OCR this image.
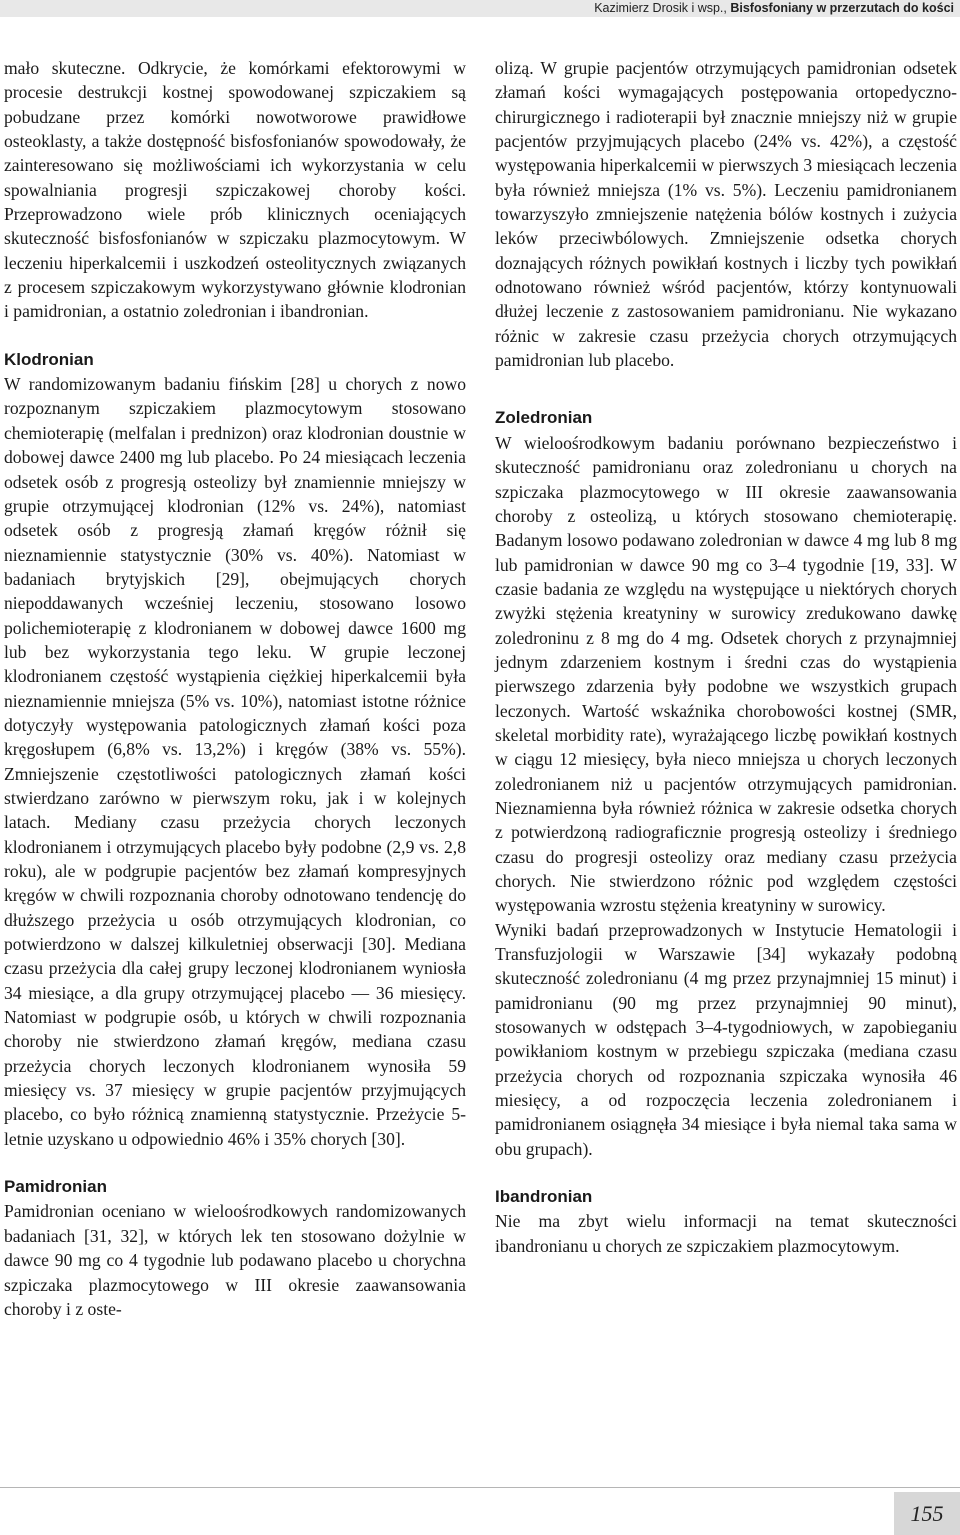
Kazimierz Drosik i wsp., Bisfosfoniany w przerzutach do kości

mało skuteczne. Odkrycie, że komórkami efektorowymi w procesie destrukcji kostnej spowodowanej szpiczakiem są pobudzane przez komórki nowotworowe prawidłowe osteoklasty, a także dostępność bisfosfonianów spowodowały, że zainteresowano się możliwościami ich wykorzystania w celu spowalniania progresji szpiczakowej choroby kości. Przeprowadzono wiele prób klinicznych oceniających skuteczność bisfosfonianów w szpiczaku plazmocytowym. W leczeniu hiperkalcemii i uszkodzeń osteolitycznych związanych z procesem szpiczakowym wykorzystywano głównie klodronian i pamidronian, a ostatnio zoledronian i ibandronian.

Klodronian

W randomizowanym badaniu fińskim [28] u chorych z nowo rozpoznanym szpiczakiem plazmocytowym stosowano chemioterapię (melfalan i prednizon) oraz klodronian doustnie w dobowej dawce 2400 mg lub placebo. Po 24 miesiącach leczenia odsetek osób z progresją osteolizy był znamiennie mniejszy w grupie otrzymującej klodronian (12% vs. 24%), natomiast odsetek osób z progresją złamań kręgów różnił się nieznamiennie statystycznie (30% vs. 40%). Natomiast w badaniach brytyjskich [29], obejmujących chorych niepoddawanych wcześniej leczeniu, stosowano losowo polichemioterapię z klodronianem w dobowej dawce 1600 mg lub bez wykorzystania tego leku. W grupie leczonej klodronianem częstość wystąpienia ciężkiej hiperkalcemii była nieznamiennie mniejsza (5% vs. 10%), natomiast istotne różnice dotyczyły występowania patologicznych złamań kości poza kręgosłupem (6,8% vs. 13,2%) i kręgów (38% vs. 55%). Zmniejszenie częstotliwości patologicznych złamań kości stwierdzano zarówno w pierwszym roku, jak i w kolejnych latach. Mediany czasu przeżycia chorych leczonych klodronianem i otrzymujących placebo były podobne (2,9 vs. 2,8 roku), ale w podgrupie pacjentów bez złamań kompresyjnych kręgów w chwili rozpoznania choroby odnotowano tendencję do dłuższego przeżycia u osób otrzymujących klodronian, co potwierdzono w dalszej kilkuletniej obserwacji [30]. Mediana czasu przeżycia dla całej grupy leczonej klodronianem wyniosła 34 miesiące, a dla grupy otrzymującej placebo — 36 miesięcy. Natomiast w podgrupie osób, u których w chwili rozpoznania choroby nie stwierdzono złamań kręgów, mediana czasu przeżycia chorych leczonych klodronianem wynosiła 59 miesięcy vs. 37 miesięcy w grupie pacjentów przyjmujących placebo, co było różnicą znamienną statystycznie. Przeżycie 5-letnie uzyskano u odpowiednio 46% i 35% chorych [30].

Pamidronian

Pamidronian oceniano w wieloośrodkowych randomizowanych badaniach [31, 32], w których lek ten stosowano dożylnie w dawce 90 mg co 4 tygodnie lub podawano placebo u chorychna szpiczaka plazmocytowego w III okresie zaawansowania choroby i z oste-

olizą. W grupie pacjentów otrzymujących pamidronian odsetek złamań kości wymagających postępowania ortopedyczno-chirurgicznego i radioterapii był znacznie mniejszy niż w grupie pacjentów przyjmujących placebo (24% vs. 42%), a częstość występowania hiperkalcemii w pierwszych 3 miesiącach leczenia była również mniejsza (1% vs. 5%). Leczeniu pamidronianem towarzyszyło zmniejszenie natężenia bólów kostnych i zużycia leków przeciwbólowych. Zmniejszenie odsetka chorych doznających różnych powikłań kostnych i liczby tych powikłań odnotowano również wśród pacjentów, którzy kontynuowali dłużej leczenie z zastosowaniem pamidronianu. Nie wykazano różnic w zakresie czasu przeżycia chorych otrzymujących pamidronian lub placebo.

Zoledronian

W wieloośrodkowym badaniu porównano bezpieczeństwo i skuteczność pamidronianu oraz zoledronianu u chorych na szpiczaka plazmocytowego w III okresie zaawansowania choroby z osteolizą, u których stosowano chemioterapię. Badanym losowo podawano zoledronian w dawce 4 mg lub 8 mg lub pamidronian w dawce 90 mg co 3–4 tygodnie [19, 33]. W czasie badania ze względu na występujące u niektórych chorych zwyżki stężenia kreatyniny w surowicy zredukowano dawkę zoledroninu z 8 mg do 4 mg. Odsetek chorych z przynajmniej jednym zdarzeniem kostnym i średni czas do wystąpienia pierwszego zdarzenia były podobne we wszystkich grupach leczonych. Wartość wskaźnika chorobowości kostnej (SMR, skeletal morbidity rate), wyrażającego liczbę powikłań kostnych w ciągu 12 miesięcy, była nieco mniejsza u chorych leczonych zoledronianem niż u pacjentów otrzymujących pamidronian. Nieznamienna była również różnica w zakresie odsetka chorych z potwierdzoną radiograficznie progresją osteolizy i średniego czasu do progresji osteolizy oraz mediany czasu przeżycia chorych. Nie stwierdzono różnic pod względem częstości występowania wzrostu stężenia kreatyniny w surowicy.

Wyniki badań przeprowadzonych w Instytucie Hematologii i Transfuzjologii w Warszawie [34] wykazały podobną skuteczność zoledronianu (4 mg przez przynajmniej 15 minut) i pamidronianu (90 mg przez przynajmniej 90 minut), stosowanych w odstępach 3–4-tygodniowych, w zapobieganiu powikłaniom kostnym w przebiegu szpiczaka (mediana czasu przeżycia chorych od rozpoznania szpiczaka wynosiła 46 miesięcy, a od rozpoczęcia leczenia zoledronianem i pamidronianem osiągnęła 34 miesiące i była niemal taka sama w obu grupach).

Ibandronian

Nie ma zbyt wielu informacji na temat skuteczności ibandronianu u chorych ze szpiczakiem plazmocytowym.

155
